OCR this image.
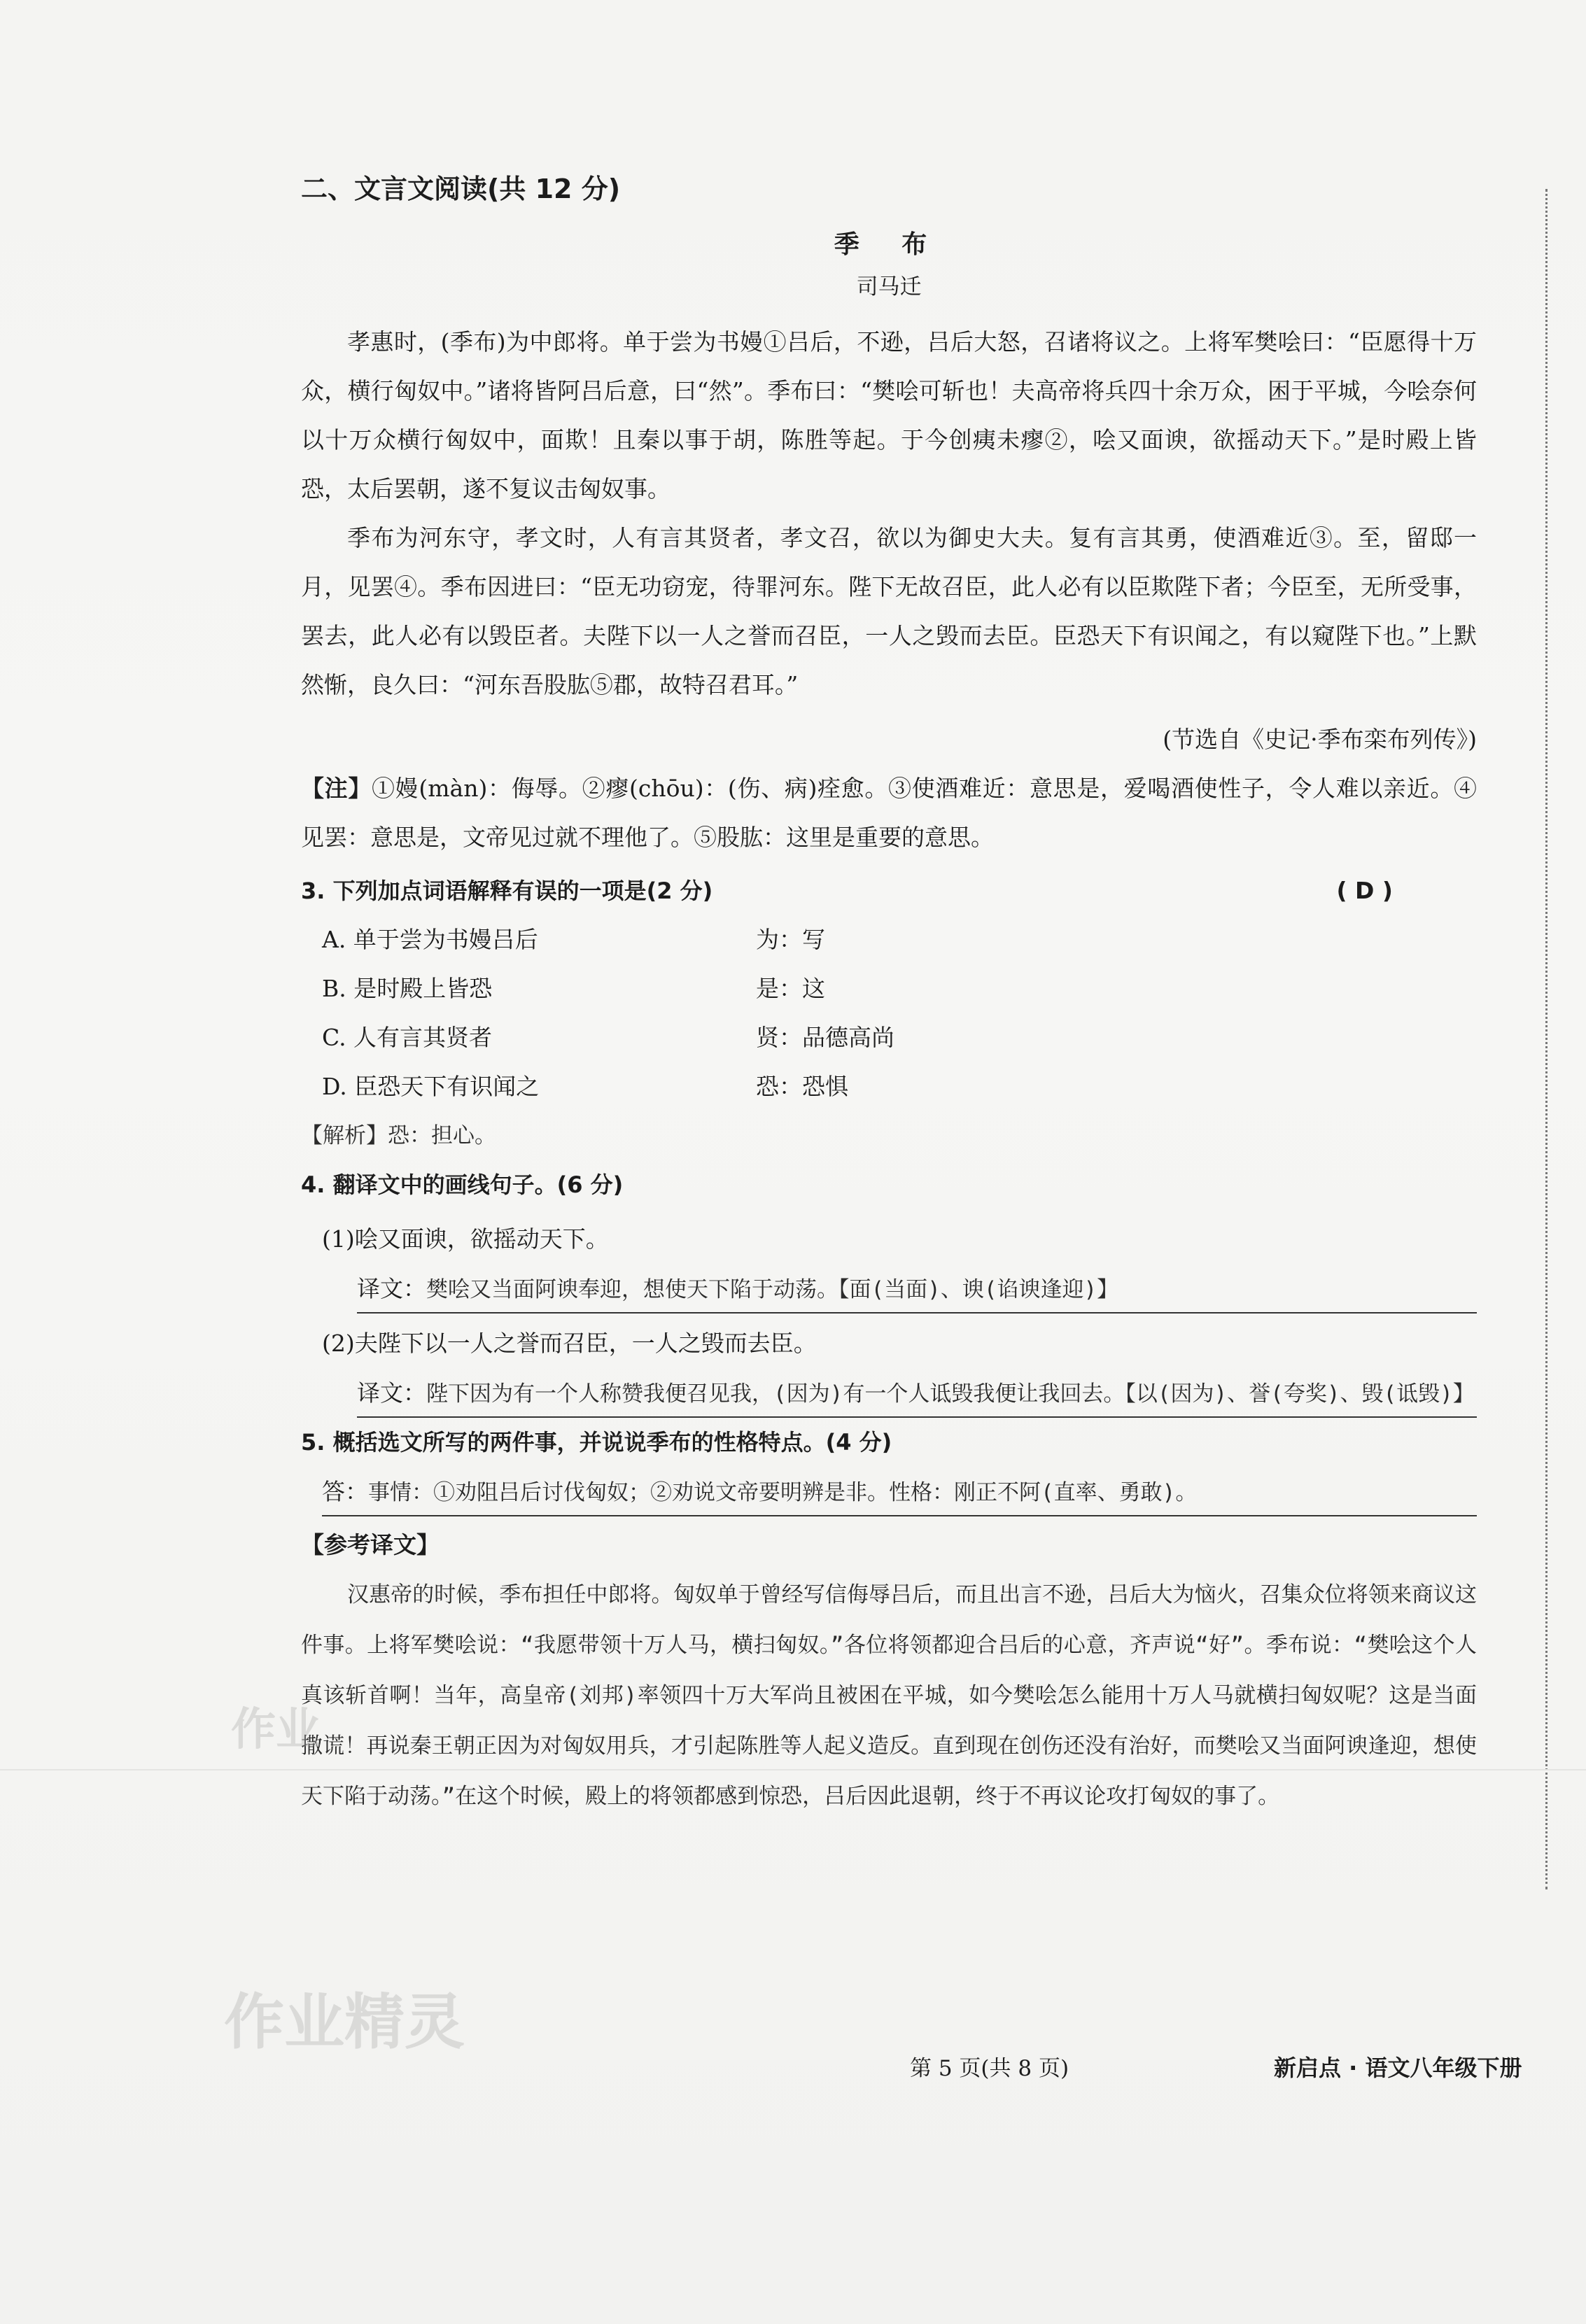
二、文言文阅读(共 12 分)

季 布

司马迁

孝惠时，(季布)为中郎将。单于尝为书嫚①吕后，不逊，吕后大怒，召诸将议之。上将军樊哙曰：“臣愿得十万众，横行匈奴中。”诸将皆阿吕后意，曰“然”。季布曰：“樊哙可斩也！夫高帝将兵四十余万众，困于平城，今哙奈何以十万众横行匈奴中，面欺！且秦以事于胡，陈胜等起。于今创痍未瘳②，哙又面谀，欲摇动天下。”是时殿上皆恐，太后罢朝，遂不复议击匈奴事。

季布为河东守，孝文时，人有言其贤者，孝文召，欲以为御史大夫。复有言其勇，使酒难近③。至，留邸一月，见罢④。季布因进曰：“臣无功窃宠，待罪河东。陛下无故召臣，此人必有以臣欺陛下者；今臣至，无所受事，罢去，此人必有以毁臣者。夫陛下以一人之誉而召臣，一人之毁而去臣。臣恐天下有识闻之，有以窥陛下也。”上默然惭，良久曰：“河东吾股肱⑤郡，故特召君耳。”

(节选自《史记·季布栾布列传》)

【注】①嫚(màn)：侮辱。②瘳(chōu)：(伤、病)痊愈。③使酒难近：意思是，爱喝酒使性子，令人难以亲近。④见罢：意思是，文帝见过就不理他了。⑤股肱：这里是重要的意思。

3. 下列加点词语解释有误的一项是(2 分)	( D )
A. 单于尝为书嫚吕后	为：写
B. 是时殿上皆恐	是：这
C. 人有言其贤者	贤：品德高尚
D. 臣恐天下有识闻之	恐：恐惧
【解析】恐：担心。

4. 翻译文中的画线句子。(6 分)

(1)哙又面谀，欲摇动天下。
译文：樊哙又当面阿谀奉迎，想使天下陷于动荡。【面(当面)、谀(谄谀逢迎)】
(2)夫陛下以一人之誉而召臣，一人之毁而去臣。
译文：陛下因为有一个人称赞我便召见我，(因为)有一个人诋毁我便让我回去。【以(因为)、誉(夸奖)、毁(诋毁)】

5. 概括选文所写的两件事，并说说季布的性格特点。(4 分)

答：事情：①劝阻吕后讨伐匈奴；②劝说文帝要明辨是非。性格：刚正不阿(直率、勇敢)。
【参考译文】

汉惠帝的时候，季布担任中郎将。匈奴单于曾经写信侮辱吕后，而且出言不逊，吕后大为恼火，召集众位将领来商议这件事。上将军樊哙说：“我愿带领十万人马，横扫匈奴。”各位将领都迎合吕后的心意，齐声说“好”。季布说：“樊哙这个人真该斩首啊！当年，高皇帝(刘邦)率领四十万大军尚且被困在平城，如今樊哙怎么能用十万人马就横扫匈奴呢？这是当面撒谎！再说秦王朝正因为对匈奴用兵，才引起陈胜等人起义造反。直到现在创伤还没有治好，而樊哙又当面阿谀逢迎，想使天下陷于动荡。”在这个时候，殿上的将领都感到惊恐，吕后因此退朝，终于不再议论攻打匈奴的事了。

第 5 页(共 8 页)	新启点 · 语文八年级下册
作业
作业精灵
